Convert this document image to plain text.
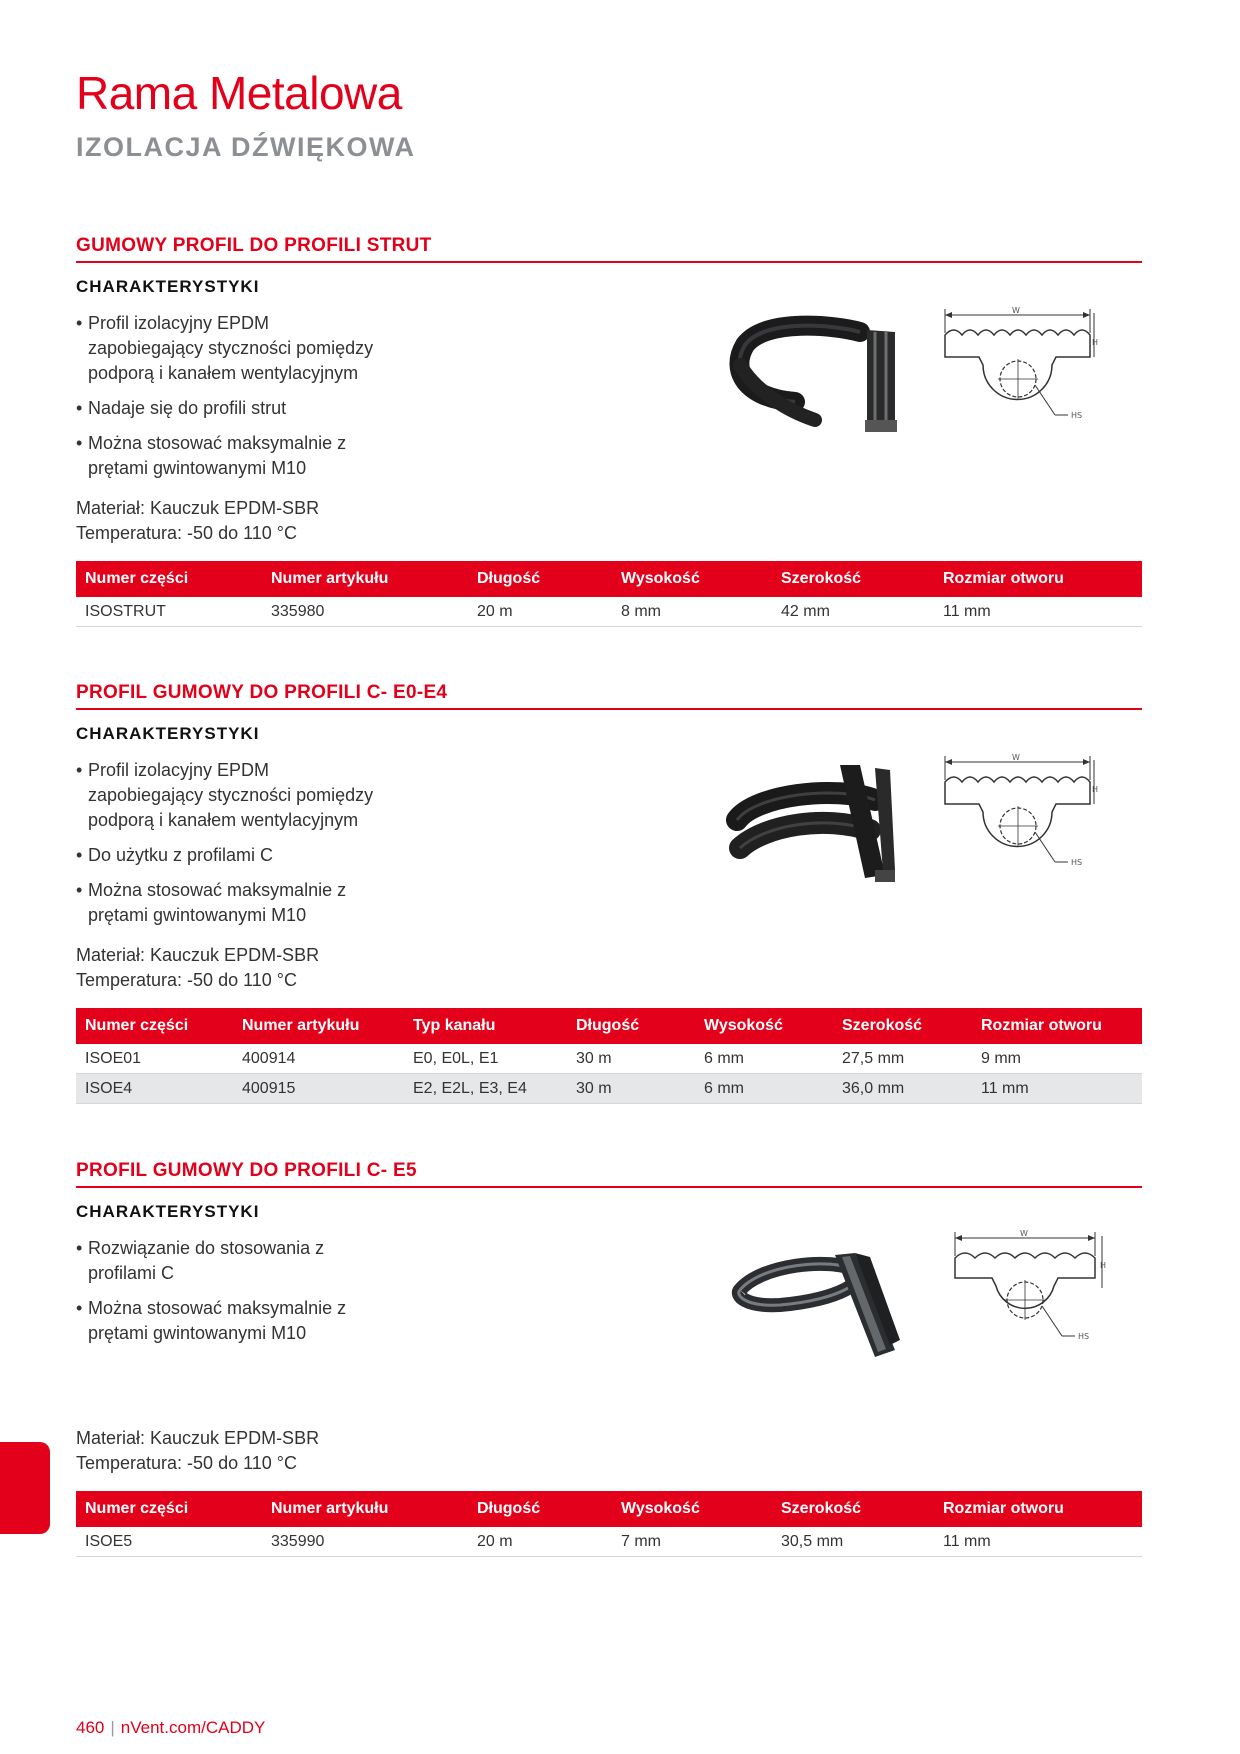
Rama Metalowa
IZOLACJA DŹWIĘKOWA
GUMOWY PROFIL DO PROFILI STRUT
CHARAKTERYSTYKI
• Profil izolacyjny EPDM zapobiegający styczności pomiędzy podporą i kanałem wentylacyjnym
• Nadaje się do profili strut
• Można stosować maksymalnie z prętami gwintowanymi M10
Materiał: Kauczuk EPDM-SBR
Temperatura: -50 do 110 °C
Numer części	Numer artykułu	Długość	Wysokość	Szerokość	Rozmiar otworu
ISOSTRUT	335980	20 m	8 mm	42 mm	11 mm
W
H
HS
PROFIL GUMOWY DO PROFILI C- E0-E4
CHARAKTERYSTYKI
• Profil izolacyjny EPDM zapobiegający styczności pomiędzy podporą i kanałem wentylacyjnym
• Do użytku z profilami C
• Można stosować maksymalnie z prętami gwintowanymi M10
Materiał: Kauczuk EPDM-SBR
Temperatura: -50 do 110 °C
Numer części	Numer artykułu	Typ kanału	Długość	Wysokość	Szerokość	Rozmiar otworu
ISOE01	400914	E0, E0L, E1	30 m	6 mm	27,5 mm	9 mm
ISOE4	400915	E2, E2L, E3, E4	30 m	6 mm	36,0 mm	11 mm
W
H
HS
PROFIL GUMOWY DO PROFILI C- E5
CHARAKTERYSTYKI
• Rozwiązanie do stosowania z profilami C
• Można stosować maksymalnie z prętami gwintowanymi M10
Materiał: Kauczuk EPDM-SBR
Temperatura: -50 do 110 °C
Numer części	Numer artykułu	Długość	Wysokość	Szerokość	Rozmiar otworu
ISOE5	335990	20 m	7 mm	30,5 mm	11 mm
W
H
HS
460 | nVent.com/CADDY
